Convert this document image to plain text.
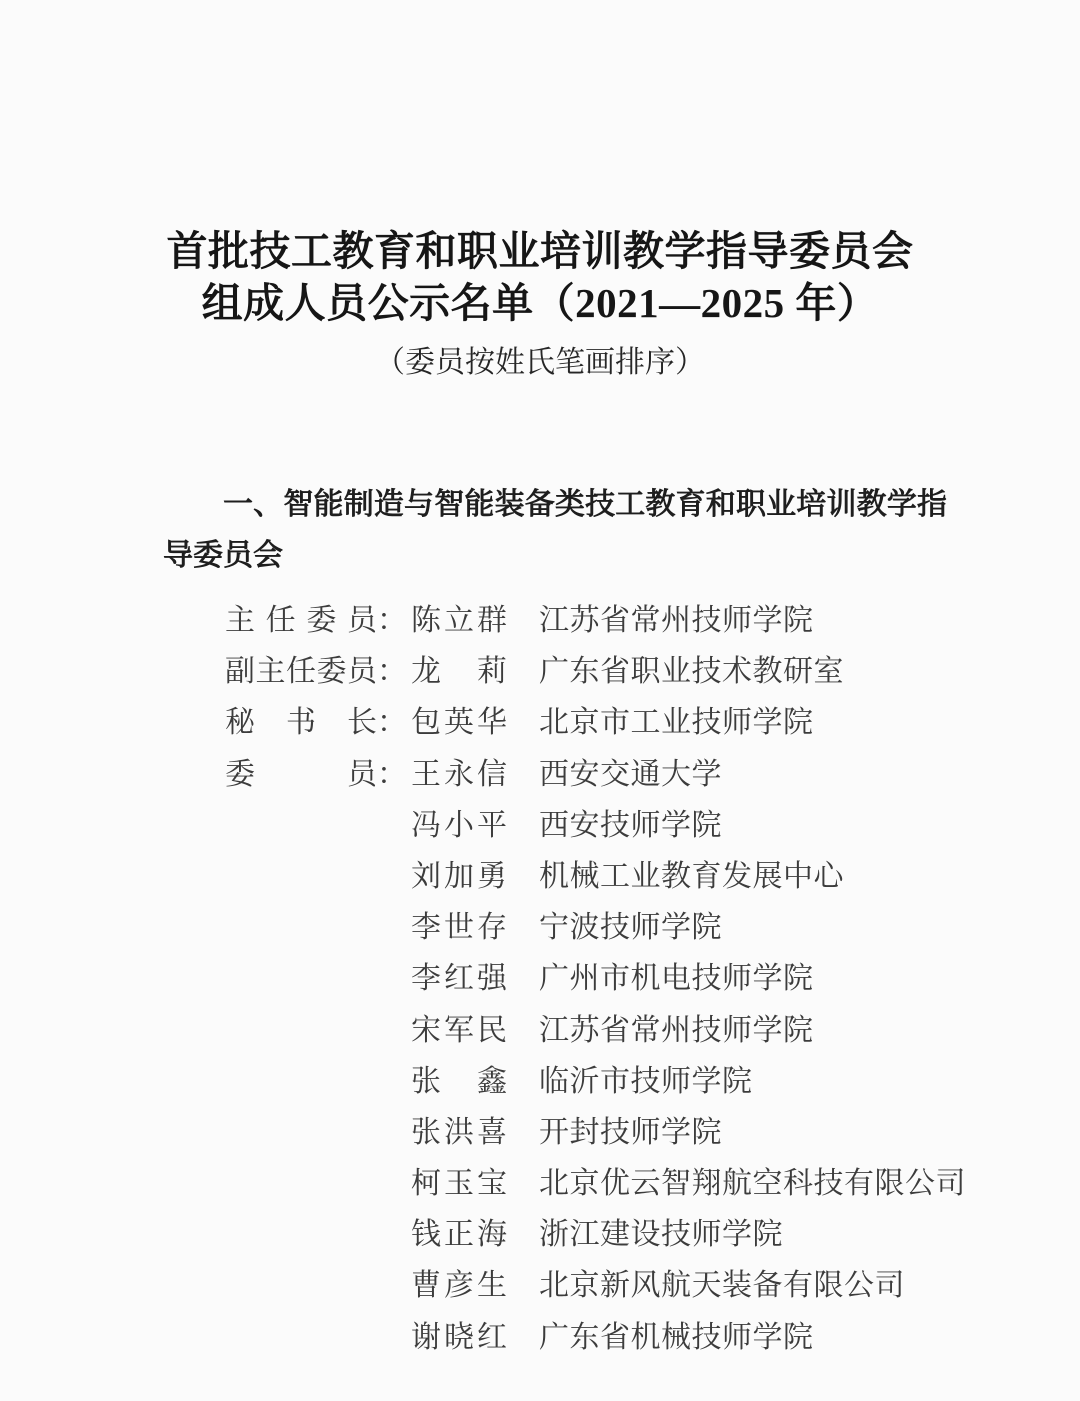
首批技工教育和职业培训教学指导委员会
组成人员公示名单（2021—2025 年）
（委员按姓氏笔画排序）
一、智能制造与智能装备类技工教育和职业培训教学指导委员会
主任委员： 陈立群 江苏省常州技师学院
副主任委员： 龙莉 广东省职业技术教研室
秘书长： 包英华 北京市工业技师学院
委员： 王永信 西安交通大学
冯小平 西安技师学院
刘加勇 机械工业教育发展中心
李世存 宁波技师学院
李红强 广州市机电技师学院
宋军民 江苏省常州技师学院
张鑫 临沂市技师学院
张洪喜 开封技师学院
柯玉宝 北京优云智翔航空科技有限公司
钱正海 浙江建设技师学院
曹彦生 北京新风航天装备有限公司
谢晓红 广东省机械技师学院
